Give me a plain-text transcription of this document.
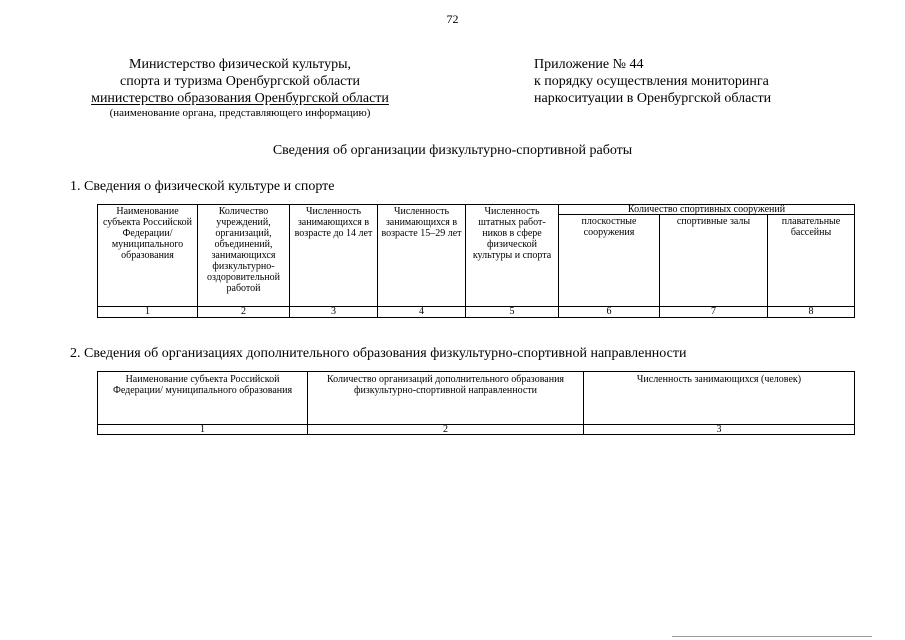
72
Министерство физической культуры,
спорта и туризма Оренбургской области
министерство образования Оренбургской области
(наименование органа, представляющего информацию)
Приложение № 44
к порядку осуществления мониторинга
наркоситуации в Оренбургской области
Сведения об организации физкультурно-спортивной работы
1. Сведения о физической культуре и спорте
Наименование субъекта Российской Федерации/ муниципального образования	Количество учреждений, организаций, объединений, занимающихся физкультурно-оздоровительной работой	Численность занимающихся в возрасте до 14 лет	Численность занимающихся в возрасте 15–29 лет	Численность штатных работ-ников в сфере физической культуры и спорта	Количество спортивных сооружений		
					плоскостные сооружения	спортивные залы	плавательные бассейны
1	2	3	4	5	6	7	8
2. Сведения об организациях дополнительного образования физкультурно-спортивной направленности
Наименование субъекта Российской Федерации/ муниципального образования	Количество организаций дополнительного образования физкультурно-спортивной направленности	Численность занимающихся (человек)
1	2	3
